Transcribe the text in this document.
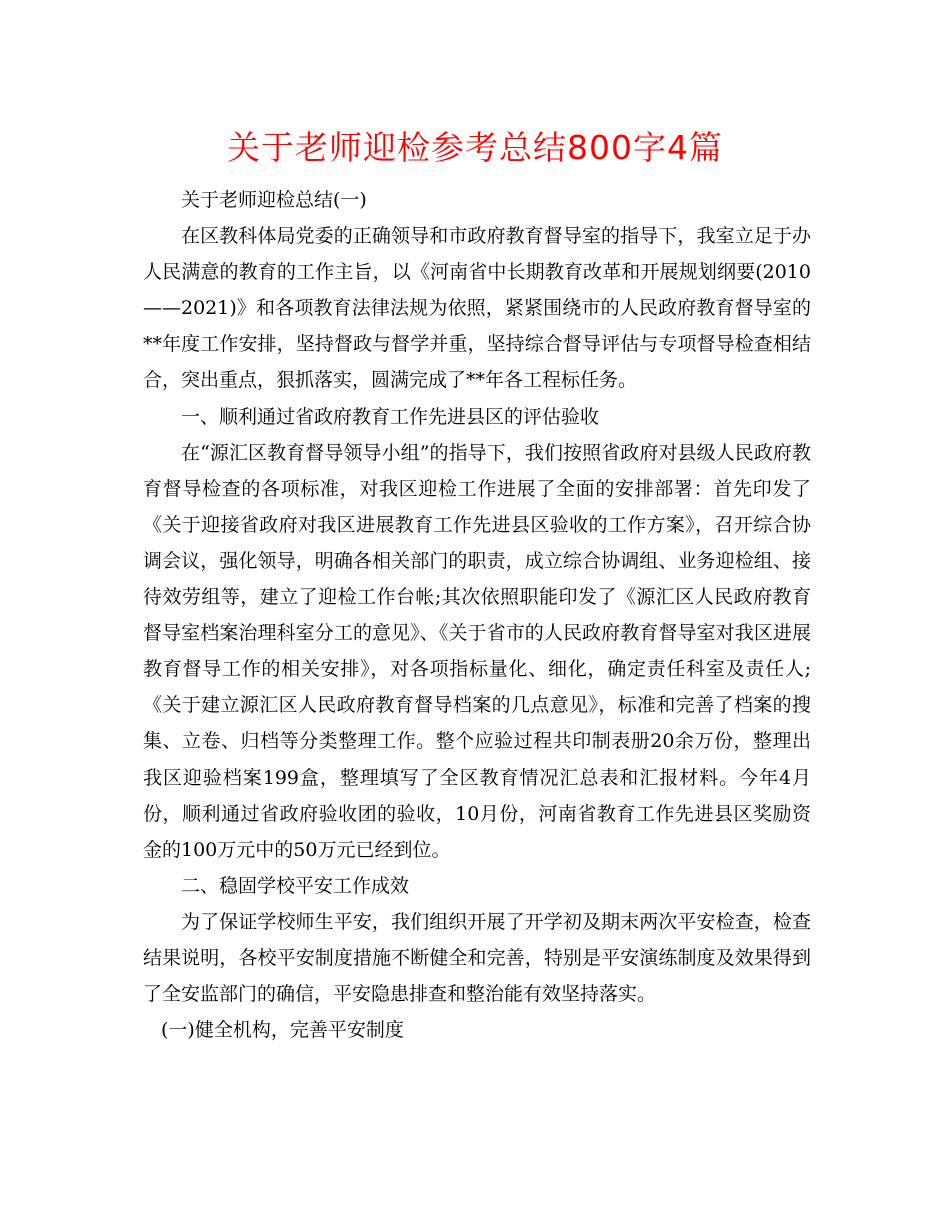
关于老师迎检参考总结800字4篇

关于老师迎检总结(一)

在区教科体局党委的正确领导和市政府教育督导室的指导下，我室立足于办人民满意的教育的工作主旨，以《河南省中长期教育改革和开展规划纲要(2010——2021)》和各项教育法律法规为依照，紧紧围绕市的人民政府教育督导室的**年度工作安排，坚持督政与督学并重，坚持综合督导评估与专项督导检查相结合，突出重点，狠抓落实，圆满完成了**年各工程标任务。

一、顺利通过省政府教育工作先进县区的评估验收

在“源汇区教育督导领导小组”的指导下，我们按照省政府对县级人民政府教育督导检查的各项标准，对我区迎检工作进展了全面的安排部署：首先印发了《关于迎接省政府对我区进展教育工作先进县区验收的工作方案》，召开综合协调会议，强化领导，明确各相关部门的职责，成立综合协调组、业务迎检组、接待效劳组等，建立了迎检工作台帐;其次依照职能印发了《源汇区人民政府教育督导室档案治理科室分工的意见》、《关于省市的人民政府教育督导室对我区进展教育督导工作的相关安排》，对各项指标量化、细化，确定责任科室及责任人;《关于建立源汇区人民政府教育督导档案的几点意见》，标准和完善了档案的搜集、立卷、归档等分类整理工作。整个应验过程共印制表册20余万份，整理出我区迎验档案199盒，整理填写了全区教育情况汇总表和汇报材料。今年4月份，顺利通过省政府验收团的验收，10月份，河南省教育工作先进县区奖励资金的100万元中的50万元已经到位。

二、稳固学校平安工作成效

为了保证学校师生平安，我们组织开展了开学初及期末两次平安检查，检查结果说明，各校平安制度措施不断健全和完善，特别是平安演练制度及效果得到了全安监部门的确信，平安隐患排查和整治能有效坚持落实。

(一)健全机构，完善平安制度
